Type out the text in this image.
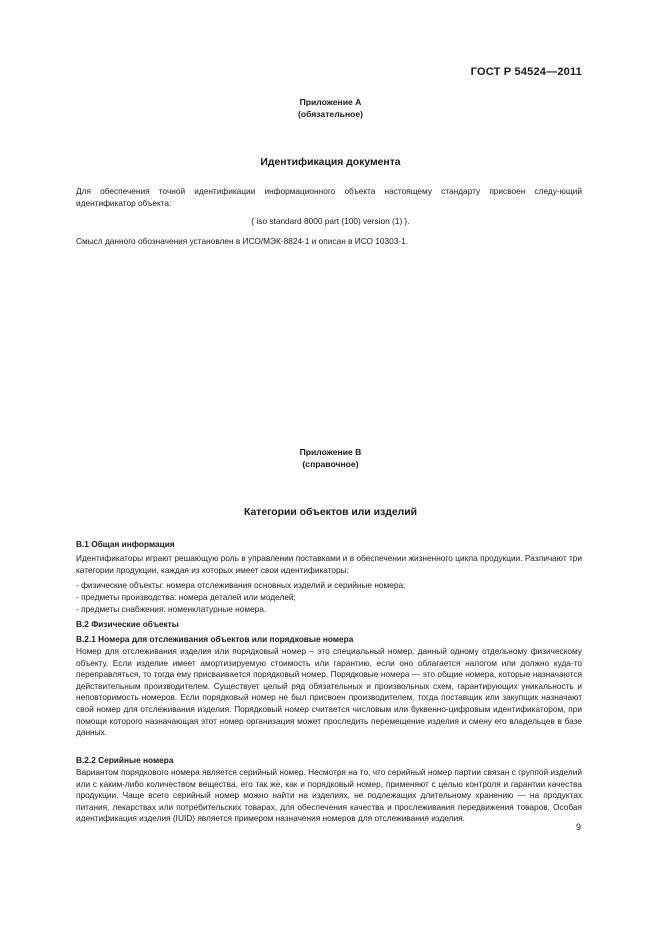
ГОСТ Р 54524—2011
Приложение А
(обязательное)
Идентификация документа
Для обеспечения точной идентификации информационного объекта настоящему стандарту присвоен следу-ющий идентификатор объекта:
{ iso standard 8000 part (100) version (1) }.
Смысл данного обозначения установлен в ИСО/МЭК-8824-1 и описан в ИСО 10303-1.
Приложение В
(справочное)
Категории объектов или изделий
В.1 Общая информация
Идентификаторы играют решающую роль в управлении поставками и в обеспечении жизненного цикла продукции. Различают три категории продукции, каждая из которых имеет свои идентификаторы:
- физические объекты: номера отслеживания основных изделий и серийные номера;
- предметы производства: номера деталей или моделей;
- предметы снабжения: номенклатурные номера.
В.2 Физические объекты
В.2.1 Номера для отслеживания объектов или порядковые номера
Номер для отслеживания изделия или порядковый номер – это специальный номер, данный одному отдельному физическому объекту. Если изделие имеет амортизируемую стоимость или гарантию, если оно облагается налогом или должно куда-то переправляться, то тогда ему присваивается порядковый номер. Порядковые номера — это общие номера, которые назначаются действительным производителем. Существует целый ряд обязательных и произвольных схем, гарантирующих уникальность и неповторимость номеров. Если порядковый номер не был присвоен производителем, тогда поставщик или закупщик назначают свой номер для отслеживания изделия. Порядковый номер считается числовым или буквенно-цифровым идентификатором, при помощи которого назначающая этот номер организация может проследить перемещение изделия и смену его владельцев в базе данных.
В.2.2 Серийные номера
Вариантом порядкового номера является серийный номер. Несмотря на то, что серийный номер партии связан с группой изделий или с каким-либо количеством вещества, его так же, как и порядковый номер, применяют с целью контроля и гарантии качества продукции. Чаще всего серийный номер можно найти на изделиях, не подлежащих длительному хранению — на продуктах питания, лекарствах или потребительских товарах, для обеспечения качества и прослеживания передвижения товаров. Особая идентификация изделия (IUID) является примером назначения номеров для отслеживания изделия.
9
